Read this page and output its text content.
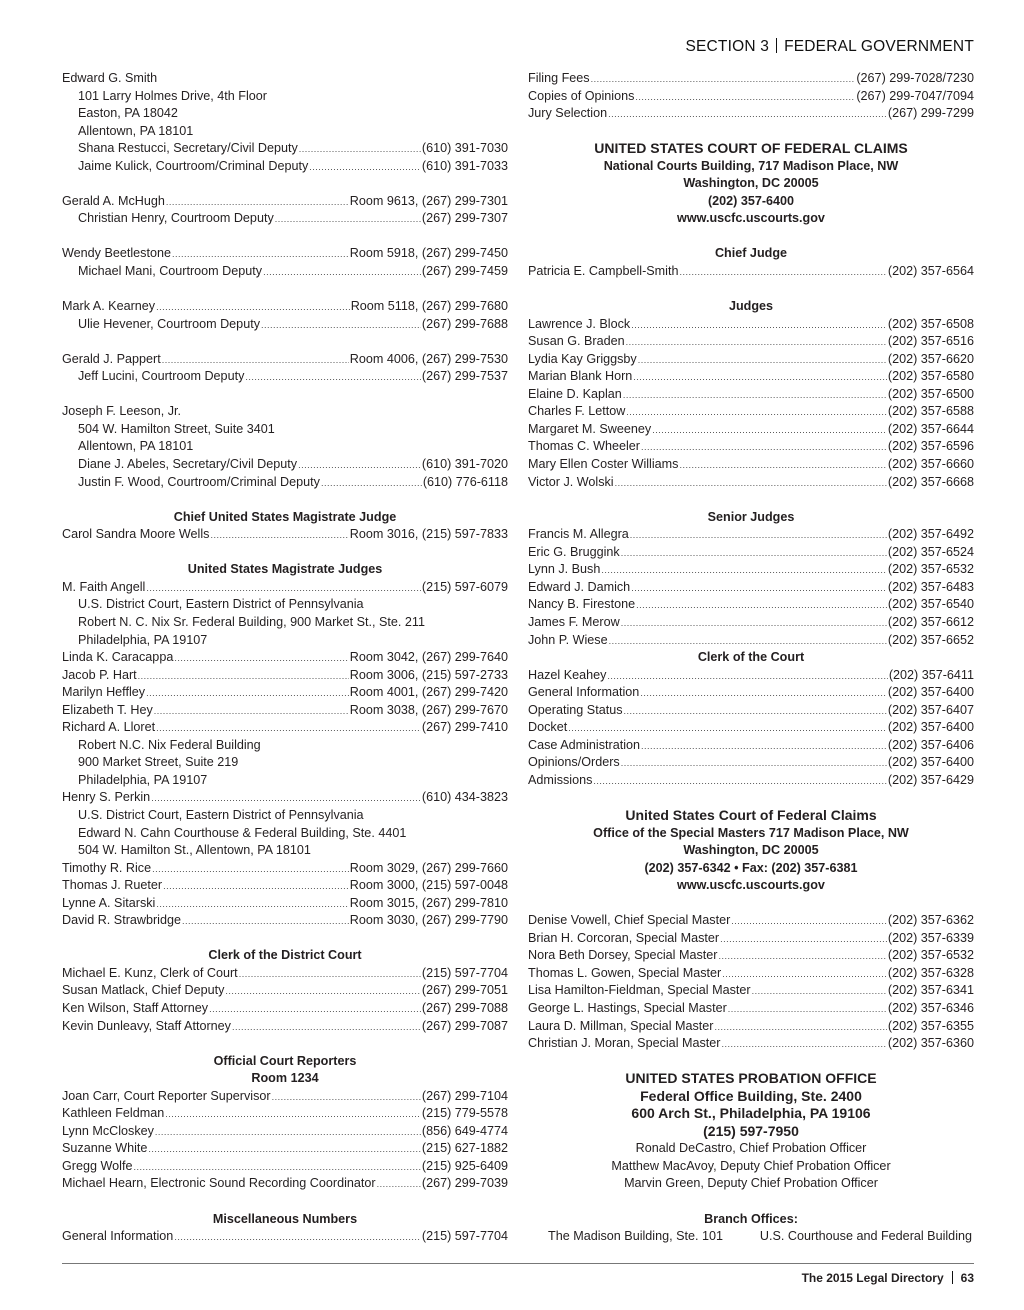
SECTION 3 FEDERAL GOVERNMENT
Edward G. Smith
101 Larry Holmes Drive, 4th Floor
Easton, PA 18042
Allentown, PA 18101
Shana Restucci, Secretary/Civil Deputy .....	(610) 391-7030
Jaime Kulick, Courtroom/Criminal Deputy .....	(610) 391-7033
Gerald A. McHugh .....	Room 9613, (267) 299-7301
Christian Henry, Courtroom Deputy .....	(267) 299-7307
Wendy Beetlestone .....	Room 5918, (267) 299-7450
Michael Mani, Courtroom Deputy .....	(267) 299-7459
Mark A. Kearney .....	Room 5118, (267) 299-7680
Ulie Hevener, Courtroom Deputy .....	(267) 299-7688
Gerald J. Pappert .....	Room 4006, (267) 299-7530
Jeff Lucini, Courtroom Deputy .....	(267) 299-7537
Joseph F. Leeson, Jr.
504 W. Hamilton Street, Suite 3401
Allentown, PA 18101
Diane J. Abeles, Secretary/Civil Deputy .....	(610) 391-7020
Justin F. Wood, Courtroom/Criminal Deputy .....	(610) 776-6118
Chief United States Magistrate Judge
Carol Sandra Moore Wells .....	Room 3016, (215) 597-7833
United States Magistrate Judges
M. Faith Angell .....	(215) 597-6079
U.S. District Court, Eastern District of Pennsylvania
Robert N. C. Nix Sr. Federal Building, 900 Market St., Ste. 211
Philadelphia, PA 19107
Linda K. Caracappa .....	Room 3042, (267) 299-7640
Jacob P. Hart .....	Room 3006, (215) 597-2733
Marilyn Heffley .....	Room 4001, (267) 299-7420
Elizabeth T. Hey .....	Room 3038, (267) 299-7670
Richard A. Lloret .....	(267) 299-7410
Robert N.C. Nix Federal Building
900 Market Street, Suite 219
Philadelphia, PA 19107
Henry S. Perkin .....	(610) 434-3823
U.S. District Court, Eastern District of Pennsylvania
Edward N. Cahn Courthouse & Federal Building, Ste. 4401
504 W. Hamilton St., Allentown, PA 18101
Timothy R. Rice .....	Room 3029, (267) 299-7660
Thomas J. Rueter .....	Room 3000, (215) 597-0048
Lynne A. Sitarski .....	Room 3015, (267) 299-7810
David R. Strawbridge .....	Room 3030, (267) 299-7790
Clerk of the District Court
Michael E. Kunz, Clerk of Court .....	(215) 597-7704
Susan Matlack, Chief Deputy .....	(267) 299-7051
Ken Wilson, Staff Attorney .....	(267) 299-7088
Kevin Dunleavy, Staff Attorney .....	(267) 299-7087
Official Court Reporters
Room 1234
Joan Carr, Court Reporter Supervisor .....	(267) 299-7104
Kathleen Feldman .....	(215) 779-5578
Lynn McCloskey .....	(856) 649-4774
Suzanne White .....	(215) 627-1882
Gregg Wolfe .....	(215) 925-6409
Michael Hearn, Electronic Sound Recording Coordinator .....	(267) 299-7039
Miscellaneous Numbers
General Information .....	(215) 597-7704
Filing Fees .....	(267) 299-7028/7230
Copies of Opinions .....	(267) 299-7047/7094
Jury Selection .....	(267) 299-7299
UNITED STATES COURT OF FEDERAL CLAIMS
National Courts Building, 717 Madison Place, NW
Washington, DC 20005
(202) 357-6400
www.uscfc.uscourts.gov
Chief Judge
Patricia E. Campbell-Smith .....	(202) 357-6564
Judges
Lawrence J. Block .....	(202) 357-6508
Susan G. Braden .....	(202) 357-6516
Lydia Kay Griggsby .....	(202) 357-6620
Marian Blank Horn .....	(202) 357-6580
Elaine D. Kaplan .....	(202) 357-6500
Charles F. Lettow .....	(202) 357-6588
Margaret M. Sweeney .....	(202) 357-6644
Thomas C. Wheeler .....	(202) 357-6596
Mary Ellen Coster Williams .....	(202) 357-6660
Victor J. Wolski .....	(202) 357-6668
Senior Judges
Francis M. Allegra .....	(202) 357-6492
Eric G. Bruggink .....	(202) 357-6524
Lynn J. Bush .....	(202) 357-6532
Edward J. Damich .....	(202) 357-6483
Nancy B. Firestone .....	(202) 357-6540
James F. Merow .....	(202) 357-6612
John P. Wiese .....	(202) 357-6652
Clerk of the Court
Hazel Keahey .....	(202) 357-6411
General Information .....	(202) 357-6400
Operating Status .....	(202) 357-6407
Docket .....	(202) 357-6400
Case Administration .....	(202) 357-6406
Opinions/Orders .....	(202) 357-6400
Admissions .....	(202) 357-6429
United States Court of Federal Claims
Office of the Special Masters 717 Madison Place, NW
Washington, DC 20005
(202) 357-6342 • Fax: (202) 357-6381
www.uscfc.uscourts.gov
Denise Vowell, Chief Special Master .....	(202) 357-6362
Brian H. Corcoran, Special Master .....	(202) 357-6339
Nora Beth Dorsey, Special Master .....	(202) 357-6532
Thomas L. Gowen, Special Master .....	(202) 357-6328
Lisa Hamilton-Fieldman, Special Master .....	(202) 357-6341
George L. Hastings, Special Master .....	(202) 357-6346
Laura D. Millman, Special Master .....	(202) 357-6355
Christian J. Moran, Special Master .....	(202) 357-6360
UNITED STATES PROBATION OFFICE
Federal Office Building, Ste. 2400
600 Arch St., Philadelphia, PA 19106
(215) 597-7950
Ronald DeCastro, Chief Probation Officer
Matthew MacAvoy, Deputy Chief Probation Officer
Marvin Green, Deputy Chief Probation Officer
Branch Offices:
The Madison Building, Ste. 101	U.S. Courthouse and Federal Building
The 2015 Legal Directory 63
